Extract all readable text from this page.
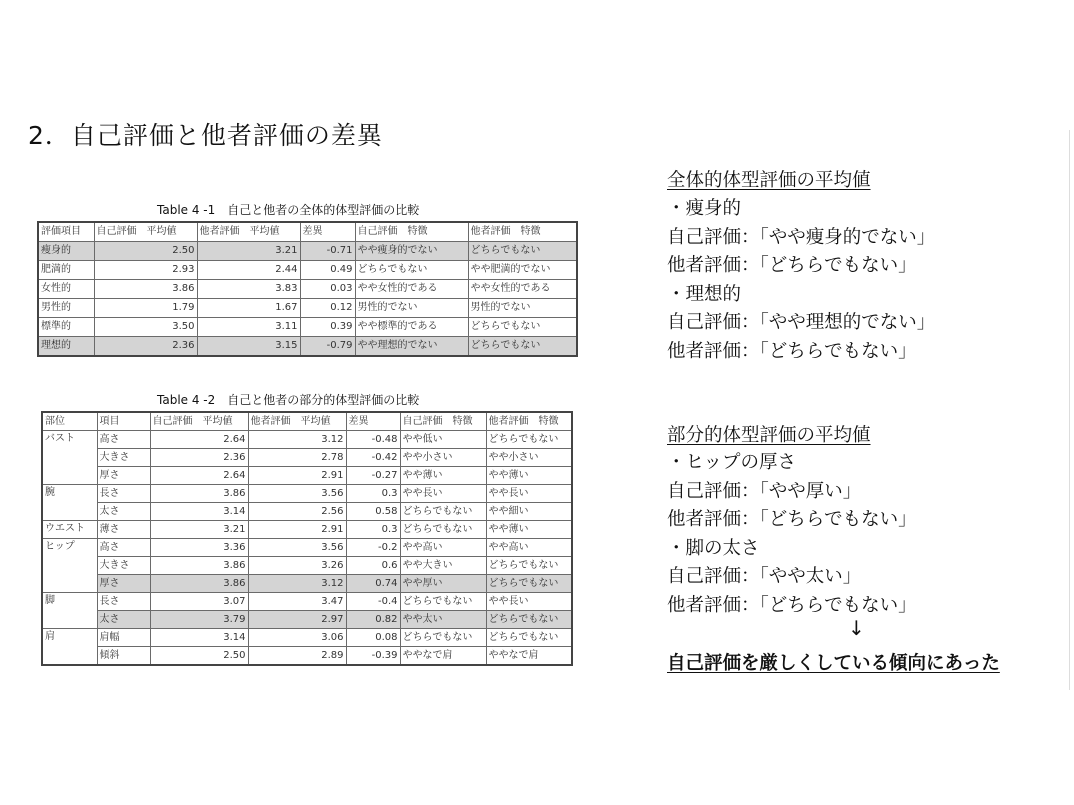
2．自己評価と他者評価の差異
Table 4 -1　自己と他者の全体的体型評価の比較
評価項目	自己評価　平均値	他者評価　平均値	差異	自己評価　特徴	他者評価　特徴
痩身的	2.50	3.21	-0.71	やや痩身的でない	どちらでもない
肥満的	2.93	2.44	0.49	どちらでもない	やや肥満的でない
女性的	3.86	3.83	0.03	やや女性的である	やや女性的である
男性的	1.79	1.67	0.12	男性的でない	男性的でない
標準的	3.50	3.11	0.39	やや標準的である	どちらでもない
理想的	2.36	3.15	-0.79	やや理想的でない	どちらでもない
Table 4 -2　自己と他者の部分的体型評価の比較
部位	項目	自己評価　平均値	他者評価　平均値	差異	自己評価　特徴	他者評価　特徴
バスト	高さ	2.64	3.12	-0.48	やや低い	どちらでもない
	大きさ	2.36	2.78	-0.42	やや小さい	やや小さい
	厚さ	2.64	2.91	-0.27	やや薄い	やや薄い
腕	長さ	3.86	3.56	0.3	やや長い	やや長い
	太さ	3.14	2.56	0.58	どちらでもない	やや細い
ウエスト	薄さ	3.21	2.91	0.3	どちらでもない	やや薄い
ヒップ	高さ	3.36	3.56	-0.2	やや高い	やや高い
	大きさ	3.86	3.26	0.6	やや大きい	どちらでもない
	厚さ	3.86	3.12	0.74	やや厚い	どちらでもない
脚	長さ	3.07	3.47	-0.4	どちらでもない	やや長い
	太さ	3.79	2.97	0.82	やや太い	どちらでもない
肩	肩幅	3.14	3.06	0.08	どちらでもない	どちらでもない
	傾斜	2.50	2.89	-0.39	ややなで肩	ややなで肩
全体的体型評価の平均値
・痩身的
自己評価：「やや痩身的でない」
他者評価：「どちらでもない」
・理想的
自己評価：「やや理想的でない」
他者評価：「どちらでもない」
部分的体型評価の平均値
・ヒップの厚さ
自己評価：「やや厚い」
他者評価：「どちらでもない」
・脚の太さ
自己評価：「やや太い」
他者評価：「どちらでもない」
↓
自己評価を厳しくしている傾向にあった
